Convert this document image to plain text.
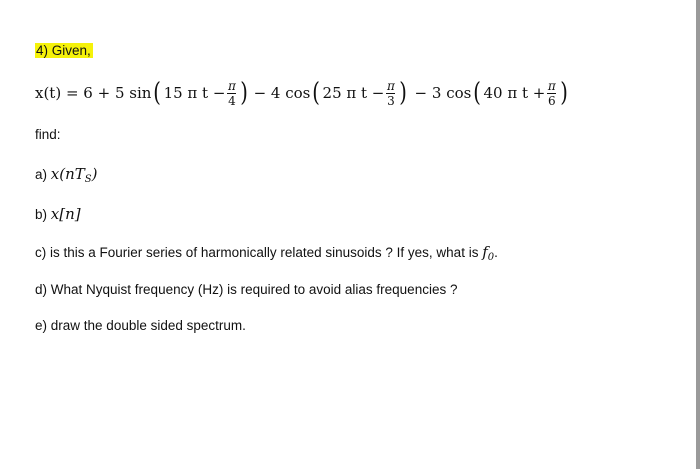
4) Given,
x(t) = 6 + 5 sin ( 15 π $t - \frac{\pi}{4}$ ) − 4 cos ( 25 π $t - \frac{\pi}{3}$ ) − 3 cos ( 40 π $t + \frac{\pi}{6}$ )
find:
a) $x(nT_S)$
b) x[n]
c) is this a Fourier series of harmonically related sinusoids ? If yes, what is $f_0$.
d) What Nyquist frequency (Hz) is required to avoid alias frequencies ?
e) draw the double sided spectrum.
